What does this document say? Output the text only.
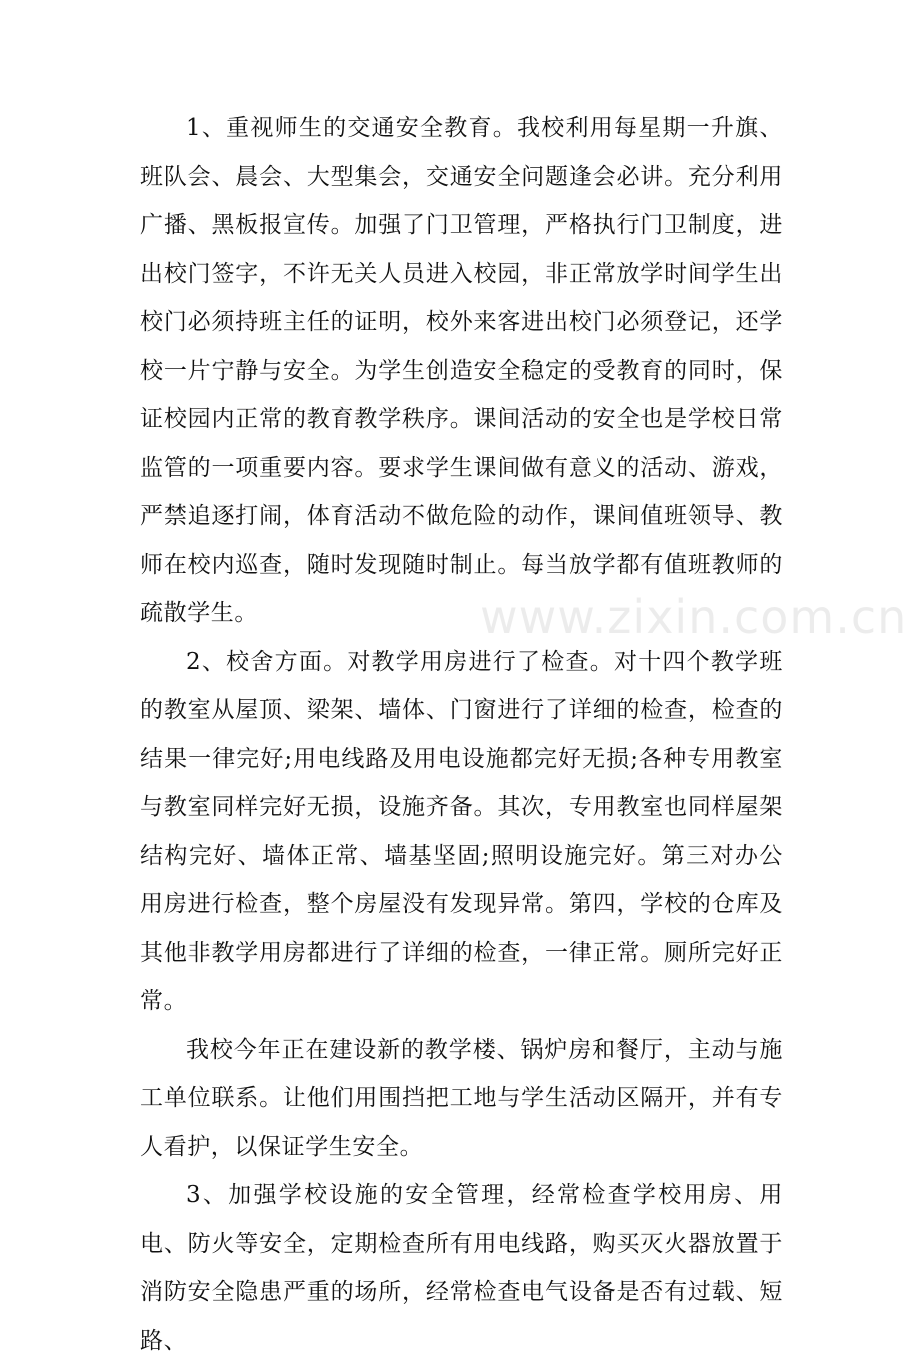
1、重视师生的交通安全教育。我校利用每星期一升旗、班队会、晨会、大型集会，交通安全问题逢会必讲。充分利用广播、黑板报宣传。加强了门卫管理，严格执行门卫制度，进出校门签字，不许无关人员进入校园，非正常放学时间学生出校门必须持班主任的证明，校外来客进出校门必须登记，还学校一片宁静与安全。为学生创造安全稳定的受教育的同时，保证校园内正常的教育教学秩序。课间活动的安全也是学校日常监管的一项重要内容。要求学生课间做有意义的活动、游戏，严禁追逐打闹，体育活动不做危险的动作，课间值班领导、教师在校内巡查，随时发现随时制止。每当放学都有值班教师的疏散学生。

2、校舍方面。对教学用房进行了检查。对十四个教学班的教室从屋顶、梁架、墙体、门窗进行了详细的检查，检查的结果一律完好;用电线路及用电设施都完好无损;各种专用教室与教室同样完好无损，设施齐备。其次，专用教室也同样屋架结构完好、墙体正常、墙基坚固;照明设施完好。第三对办公用房进行检查，整个房屋没有发现异常。第四，学校的仓库及其他非教学用房都进行了详细的检查，一律正常。厕所完好正常。

我校今年正在建设新的教学楼、锅炉房和餐厅，主动与施工单位联系。让他们用围挡把工地与学生活动区隔开，并有专人看护，以保证学生安全。

3、加强学校设施的安全管理，经常检查学校用房、用电、防火等安全，定期检查所有用电线路，购买灭火器放置于消防安全隐患严重的场所，经常检查电气设备是否有过载、短路、

www.zixin.com.cn
